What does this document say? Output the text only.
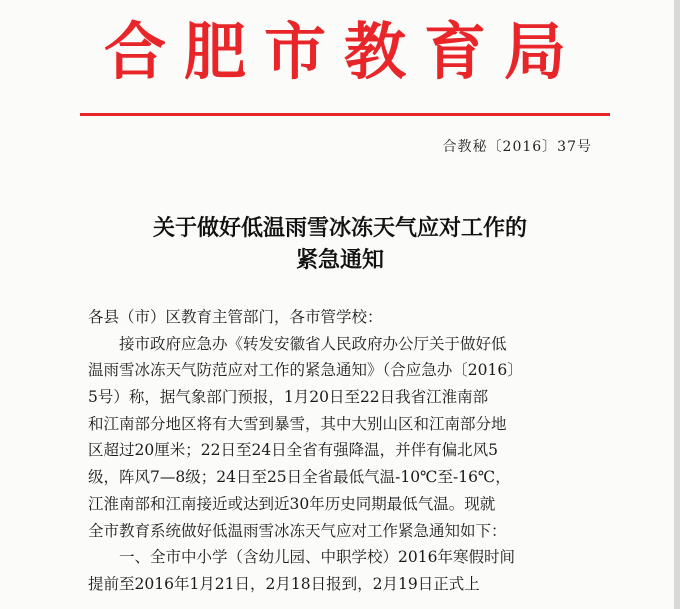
合肥市教育局
合教秘〔2016〕37号
关于做好低温雨雪冰冻天气应对工作的
紧急通知
各县（市）区教育主管部门，各市管学校：
接市政府应急办《转发安徽省人民政府办公厅关于做好低
温雨雪冰冻天气防范应对工作的紧急通知》（合应急办〔2016〕
5号）称，据气象部门预报，1月20日至22日我省江淮南部
和江南部分地区将有大雪到暴雪，其中大别山区和江南部分地
区超过20厘米；22日至24日全省有强降温，并伴有偏北风5
级，阵风7—8级；24日至25日全省最低气温-10℃至-16℃，
江淮南部和江南接近或达到近30年历史同期最低气温。现就
全市教育系统做好低温雨雪冰冻天气应对工作紧急通知如下：
一、全市中小学（含幼儿园、中职学校）2016年寒假时间
提前至2016年1月21日，2月18日报到，2月19日正式上
